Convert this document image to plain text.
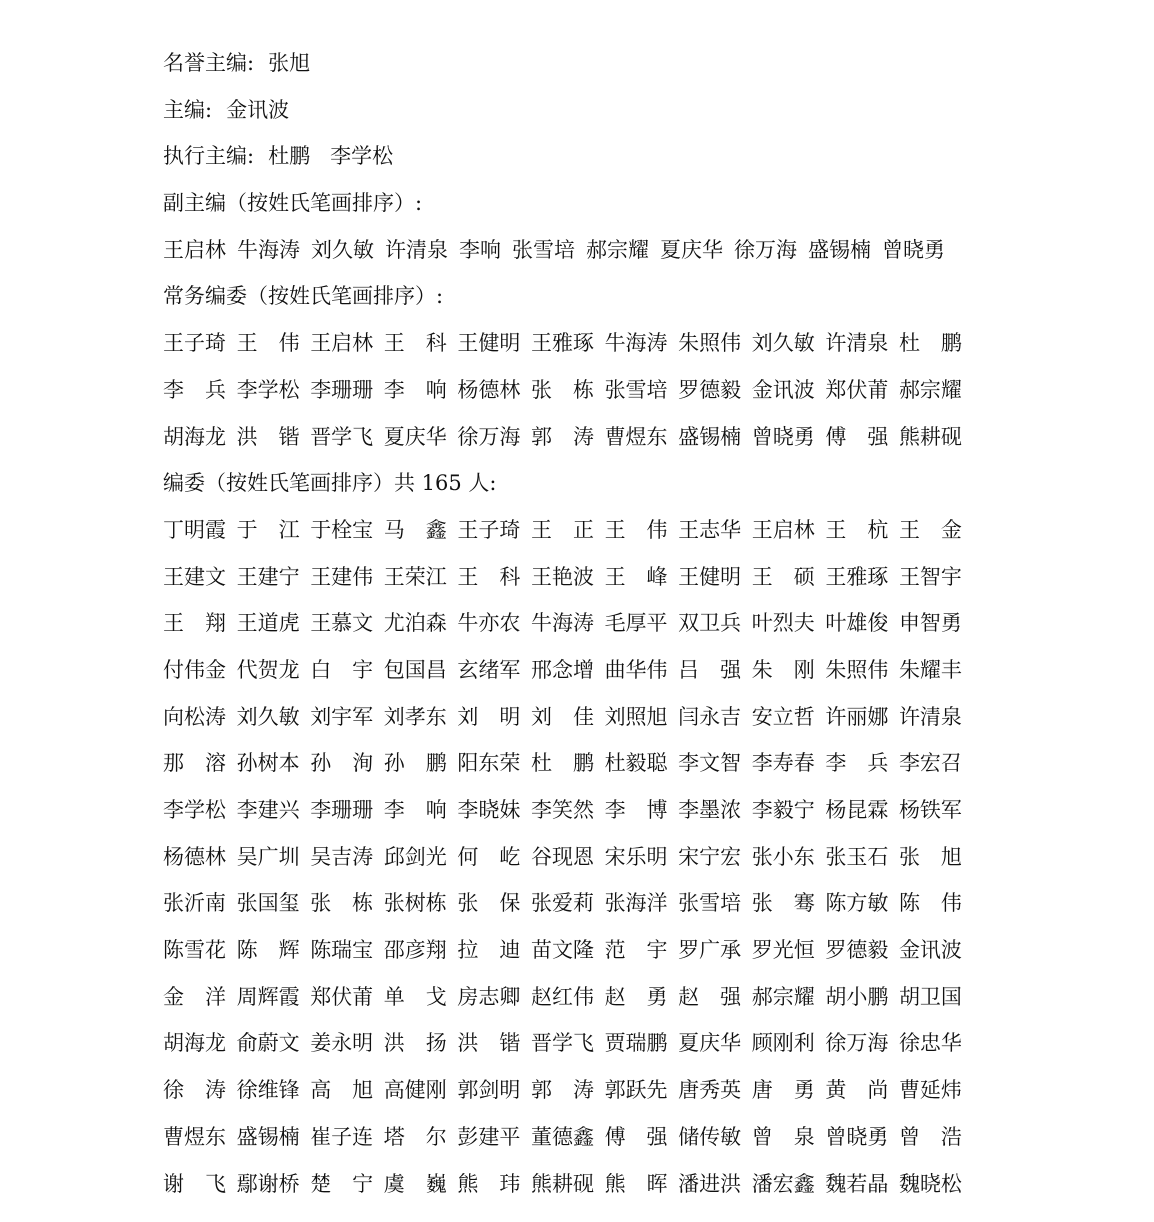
名誉主编: 张旭
主编: 金讯波
执行主编: 杜鹏 李学松
副主编（按姓氏笔画排序）:
王启林 牛海涛 刘久敏 许清泉 李响 张雪培 郝宗耀 夏庆华 徐万海 盛锡楠 曾晓勇
常务编委（按姓氏笔画排序）:
王子琦 王　伟 王启林 王　科 王健明 王雅琢 牛海涛 朱照伟 刘久敏 许清泉 杜　鹏
李　兵 李学松 李珊珊 李　响 杨德林 张　栋 张雪培 罗德毅 金讯波 郑伏莆 郝宗耀
胡海龙 洪　锴 晋学飞 夏庆华 徐万海 郭　涛 曹煜东 盛锡楠 曾晓勇 傅　强 熊耕砚
编委（按姓氏笔画排序）共 165 人:
丁明霞 于　江 于栓宝 马　鑫 王子琦 王　正 王　伟 王志华 王启林 王　杭 王　金
王建文 王建宁 王建伟 王荣江 王　科 王艳波 王　峰 王健明 王　硕 王雅琢 王智宇
王　翔 王道虎 王慕文 尤泊森 牛亦农 牛海涛 毛厚平 双卫兵 叶烈夫 叶雄俊 申智勇
付伟金 代贺龙 白　宇 包国昌 玄绪军 邢念增 曲华伟 吕　强 朱　刚 朱照伟 朱耀丰
向松涛 刘久敏 刘宇军 刘孝东 刘　明 刘　佳 刘照旭 闫永吉 安立哲 许丽娜 许清泉
那　溶 孙树本 孙　洵 孙　鹏 阳东荣 杜　鹏 杜毅聪 李文智 李寿春 李　兵 李宏召
李学松 李建兴 李珊珊 李　响 李晓妹 李笑然 李　博 李墨浓 李毅宁 杨昆霖 杨铁军
杨德林 吴广圳 吴吉涛 邱剑光 何　屹 谷现恩 宋乐明 宋宁宏 张小东 张玉石 张　旭
张沂南 张国玺 张　栋 张树栋 张　保 张爱莉 张海洋 张雪培 张　骞 陈方敏 陈　伟
陈雪花 陈　辉 陈瑞宝 邵彦翔 拉　迪 苗文隆 范　宇 罗广承 罗光恒 罗德毅 金讯波
金　洋 周辉霞 郑伏莆 单　戈 房志卿 赵红伟 赵　勇 赵　强 郝宗耀 胡小鹏 胡卫国
胡海龙 俞蔚文 姜永明 洪　扬 洪　锴 晋学飞 贾瑞鹏 夏庆华 顾刚利 徐万海 徐忠华
徐　涛 徐维锋 高　旭 高健刚 郭剑明 郭　涛 郭跃先 唐秀英 唐　勇 黄　尚 曹延炜
曹煜东 盛锡楠 崔子连 塔　尔 彭建平 董德鑫 傅　强 储传敏 曾　泉 曾晓勇 曾　浩
谢　飞 鄢谢桥 楚　宁 虞　巍 熊　玮 熊耕砚 熊　晖 潘进洪 潘宏鑫 魏若晶 魏晓松
